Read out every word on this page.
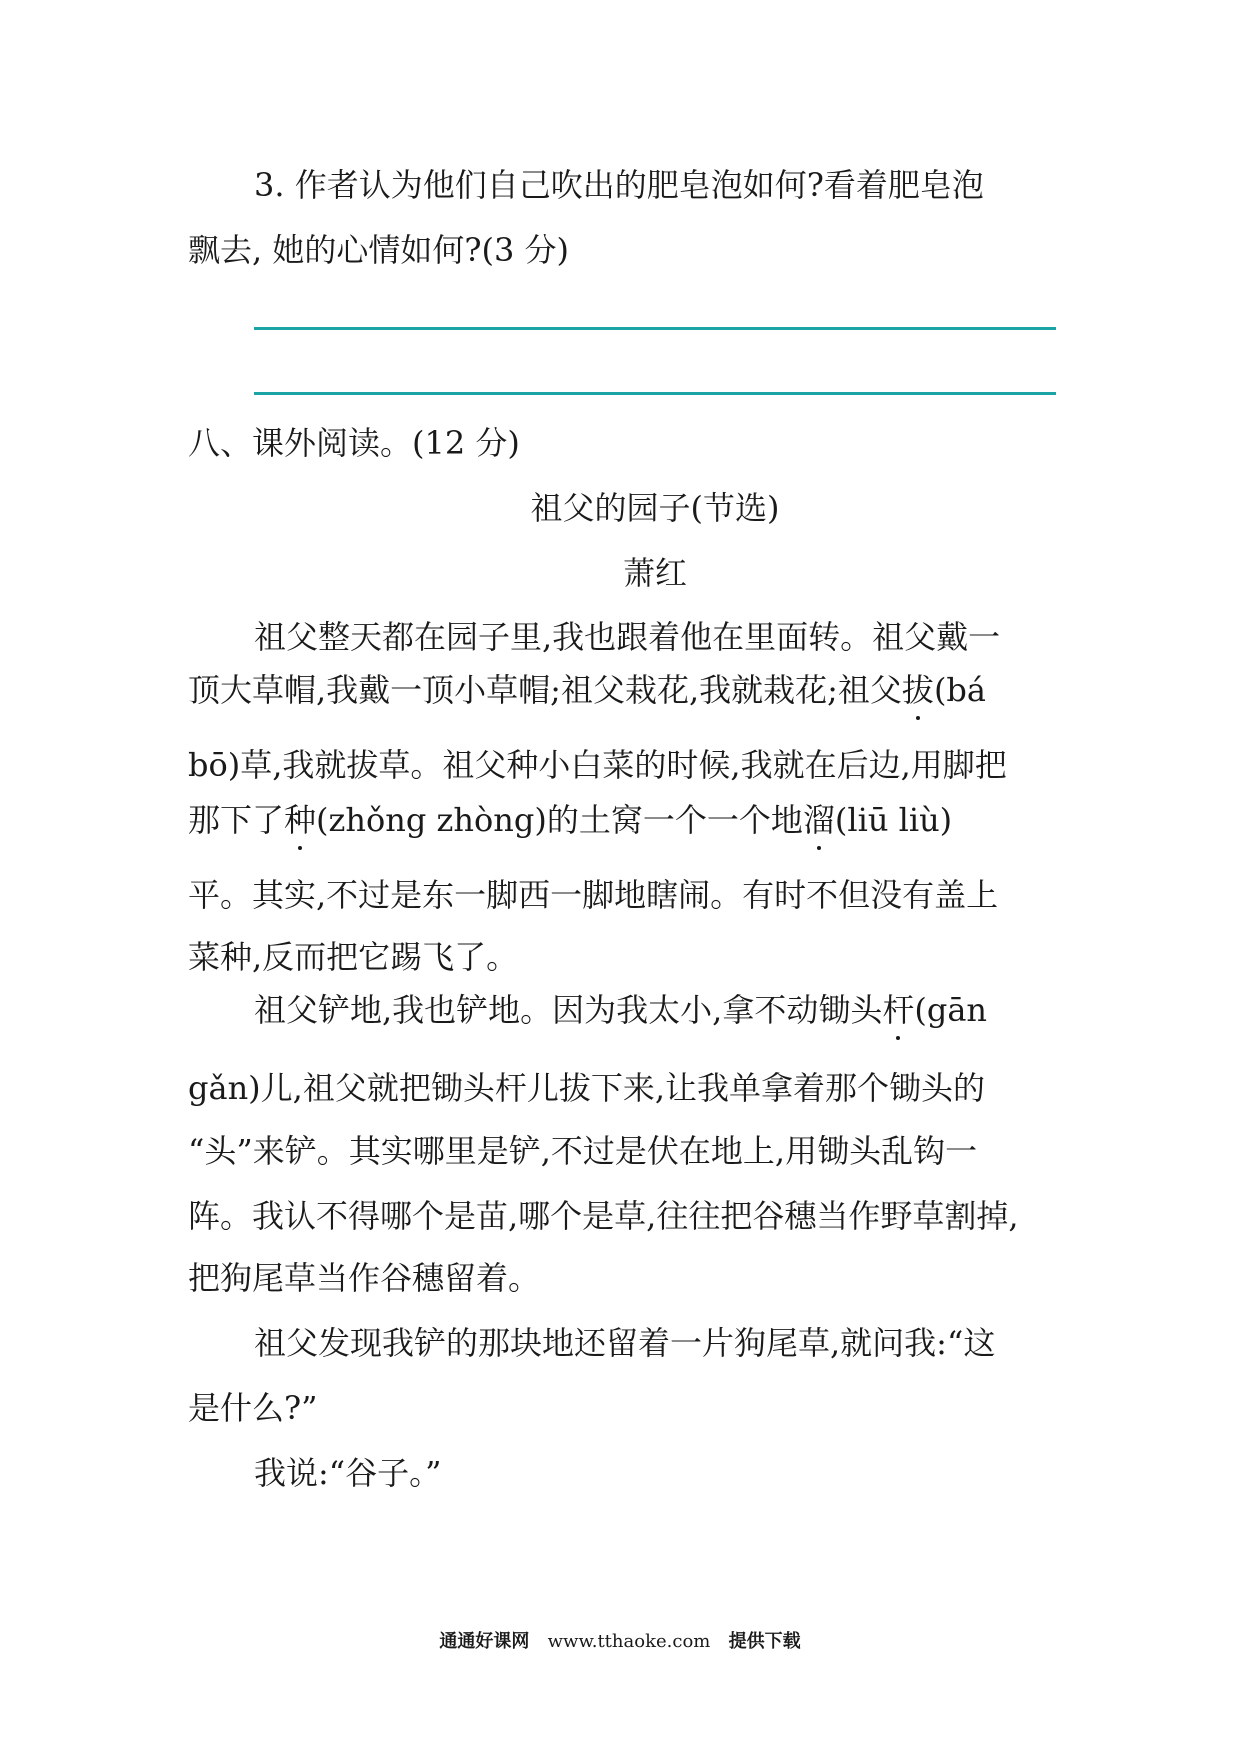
3. 作者认为他们自己吹出的肥皂泡如何?看着肥皂泡
飘去, 她的心情如何?(3 分)
八、课外阅读。(12 分)
祖父的园子(节选)
萧红
祖父整天都在园子里,我也跟着他在里面转。祖父戴一
顶大草帽,我戴一顶小草帽;祖父栽花,我就栽花;祖父拔(bá
bō)草,我就拔草。祖父种小白菜的时候,我就在后边,用脚把
那下了种(zhǒng zhòng)的土窝一个一个地溜(liū liù)
平。其实,不过是东一脚西一脚地瞎闹。有时不但没有盖上
菜种,反而把它踢飞了。
祖父铲地,我也铲地。因为我太小,拿不动锄头杆(gān
gǎn)儿,祖父就把锄头杆儿拔下来,让我单拿着那个锄头的
“头”来铲。其实哪里是铲,不过是伏在地上,用锄头乱钩一
阵。我认不得哪个是苗,哪个是草,往往把谷穗当作野草割掉,
把狗尾草当作谷穗留着。
祖父发现我铲的那块地还留着一片狗尾草,就问我:“这
是什么?”
我说:“谷子。”
通通好课网 www.tthaoke.com 提供下载
